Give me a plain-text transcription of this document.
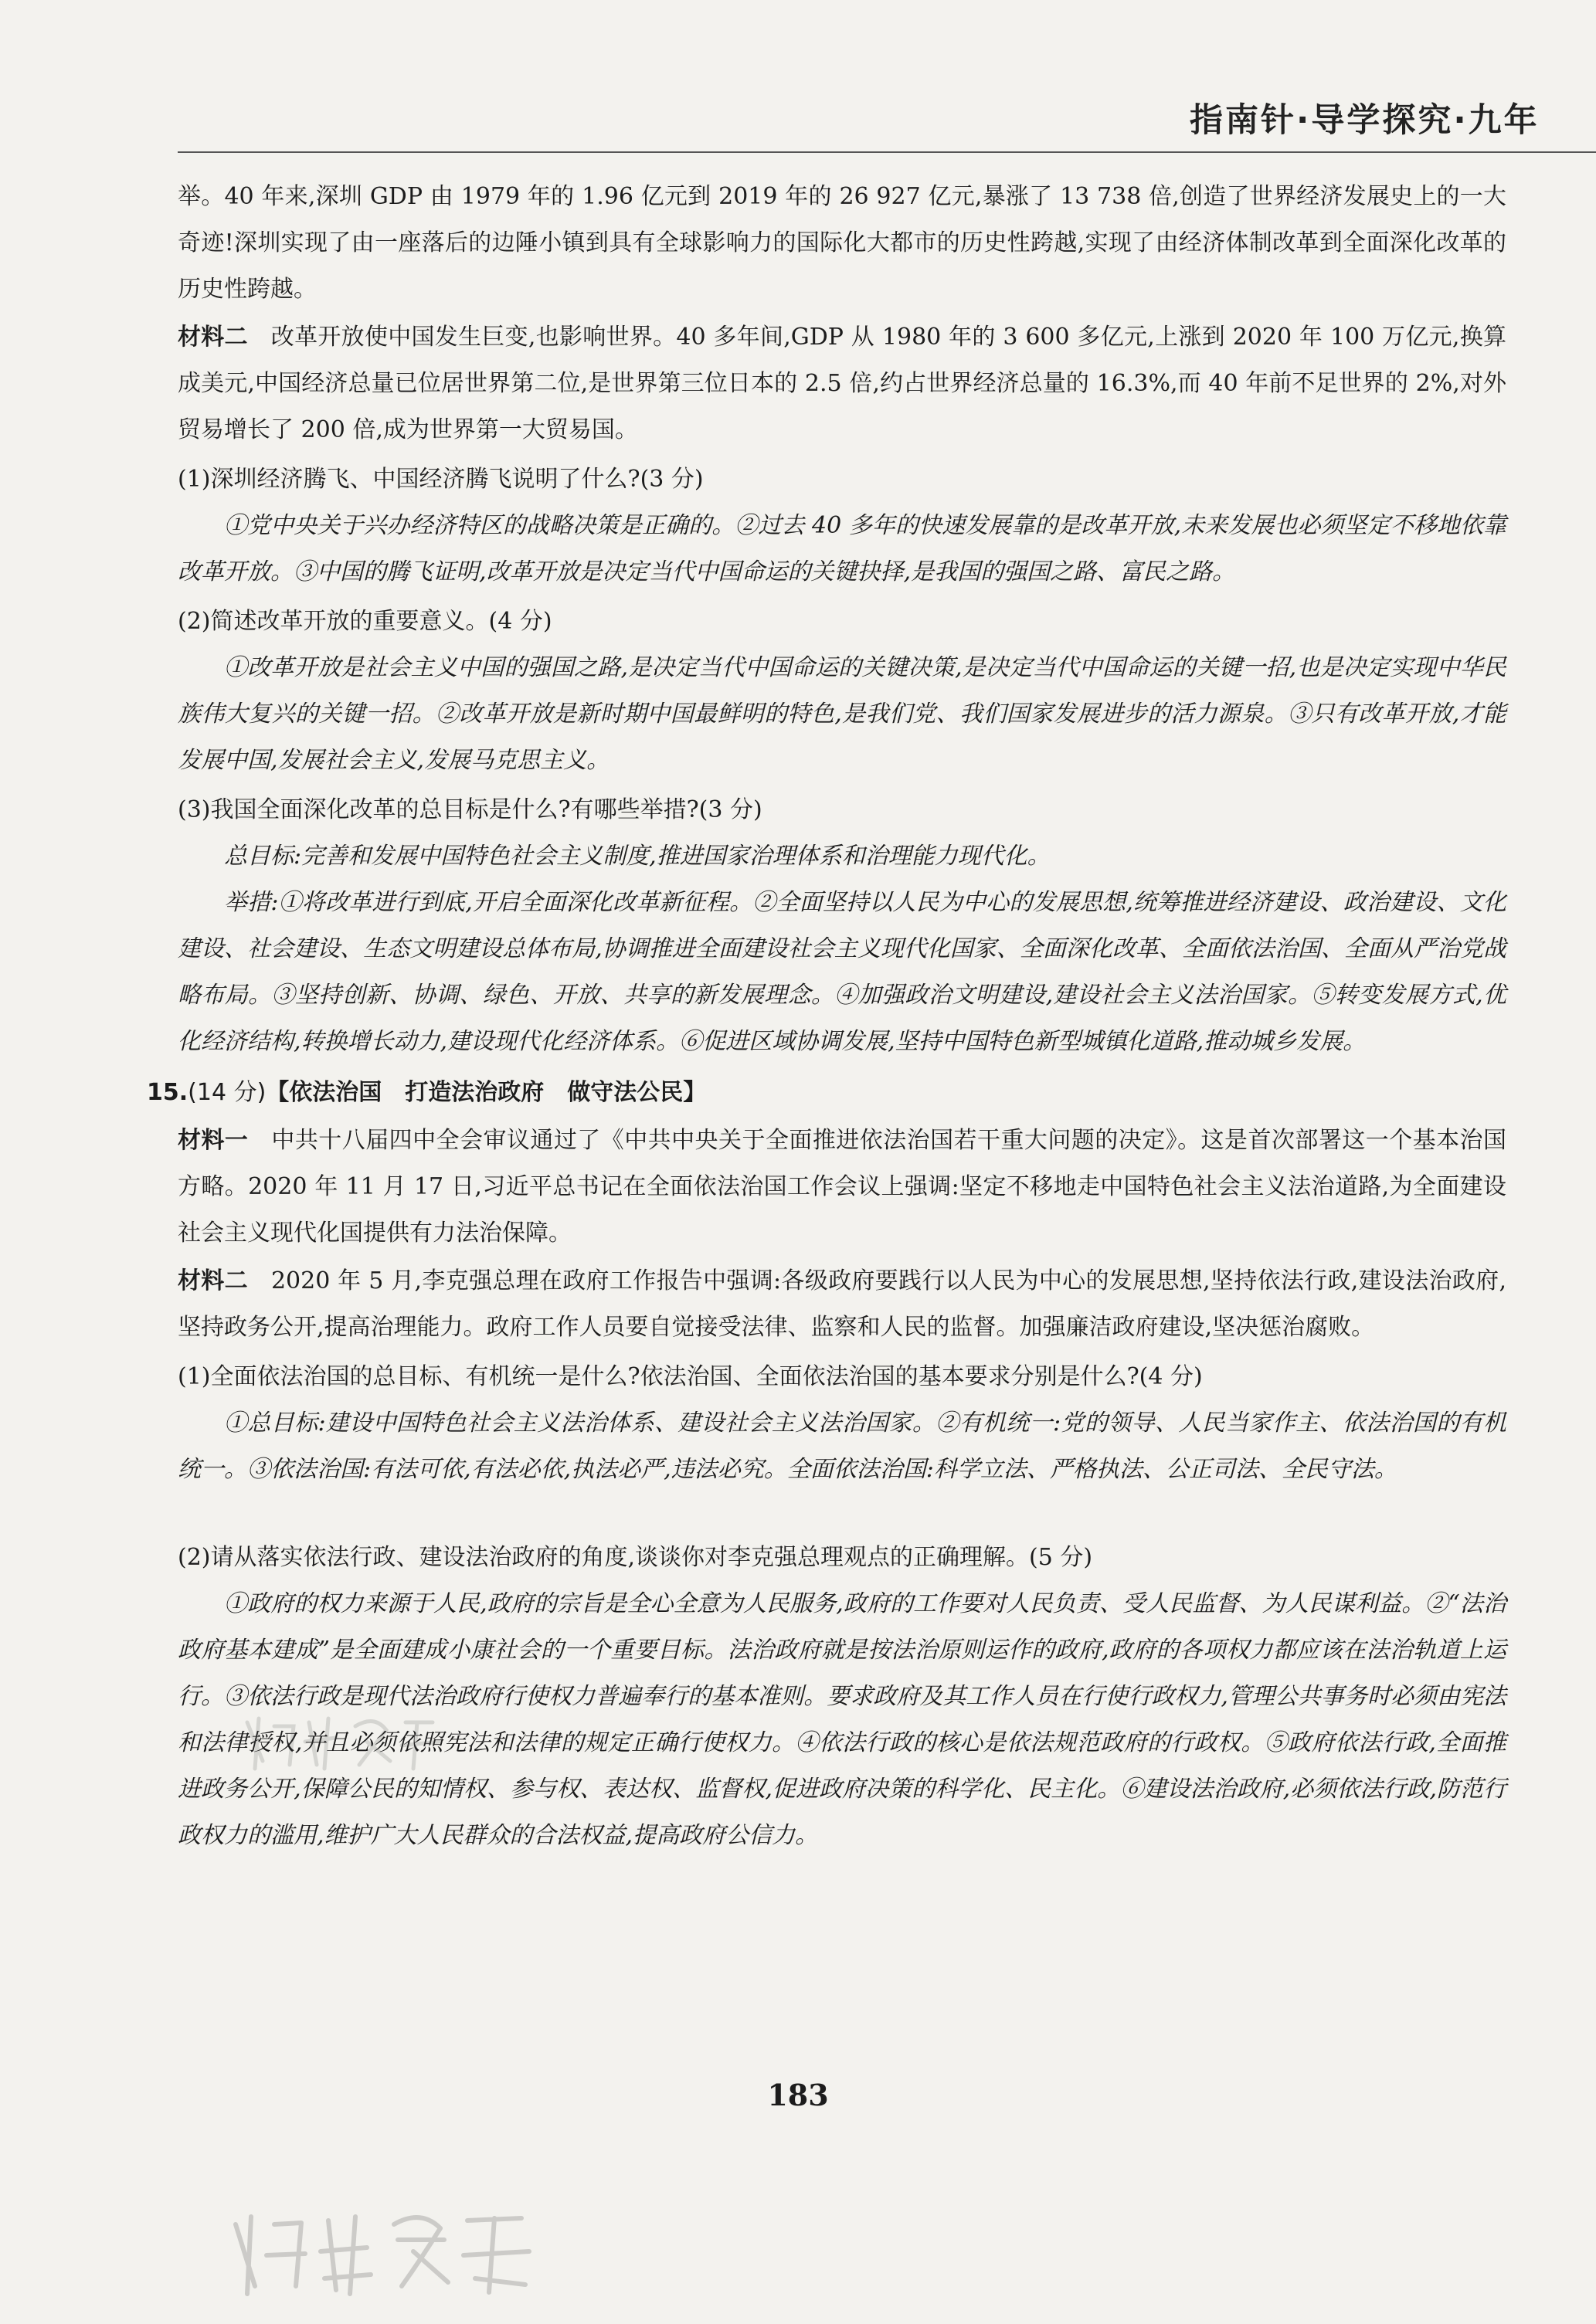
指南针·导学探究·九年

举。40 年来,深圳 GDP 由 1979 年的 1.96 亿元到 2019 年的 26 927 亿元,暴涨了 13 738 倍,创造了世界经济发展史上的一大奇迹!深圳实现了由一座落后的边陲小镇到具有全球影响力的国际化大都市的历史性跨越,实现了由经济体制改革到全面深化改革的历史性跨越。

材料二 改革开放使中国发生巨变,也影响世界。40 多年间,GDP 从 1980 年的 3 600 多亿元,上涨到 2020 年 100 万亿元,换算成美元,中国经济总量已位居世界第二位,是世界第三位日本的 2.5 倍,约占世界经济总量的 16.3%,而 40 年前不足世界的 2%,对外贸易增长了 200 倍,成为世界第一大贸易国。

(1)深圳经济腾飞、中国经济腾飞说明了什么?(3 分)

①党中央关于兴办经济特区的战略决策是正确的。②过去 40 多年的快速发展靠的是改革开放,未来发展也必须坚定不移地依靠改革开放。③中国的腾飞证明,改革开放是决定当代中国命运的关键抉择,是我国的强国之路、富民之路。

(2)简述改革开放的重要意义。(4 分)

①改革开放是社会主义中国的强国之路,是决定当代中国命运的关键决策,是决定当代中国命运的关键一招,也是决定实现中华民族伟大复兴的关键一招。②改革开放是新时期中国最鲜明的特色,是我们党、我们国家发展进步的活力源泉。③只有改革开放,才能发展中国,发展社会主义,发展马克思主义。

(3)我国全面深化改革的总目标是什么?有哪些举措?(3 分)

总目标:完善和发展中国特色社会主义制度,推进国家治理体系和治理能力现代化。

举措:①将改革进行到底,开启全面深化改革新征程。②全面坚持以人民为中心的发展思想,统筹推进经济建设、政治建设、文化建设、社会建设、生态文明建设总体布局,协调推进全面建设社会主义现代化国家、全面深化改革、全面依法治国、全面从严治党战略布局。③坚持创新、协调、绿色、开放、共享的新发展理念。④加强政治文明建设,建设社会主义法治国家。⑤转变发展方式,优化经济结构,转换增长动力,建设现代化经济体系。⑥促进区域协调发展,坚持中国特色新型城镇化道路,推动城乡发展。

15.(14 分)【依法治国　打造法治政府　做守法公民】

材料一 中共十八届四中全会审议通过了《中共中央关于全面推进依法治国若干重大问题的决定》。这是首次部署这一个基本治国方略。2020 年 11 月 17 日,习近平总书记在全面依法治国工作会议上强调:坚定不移地走中国特色社会主义法治道路,为全面建设社会主义现代化国提供有力法治保障。

材料二 2020 年 5 月,李克强总理在政府工作报告中强调:各级政府要践行以人民为中心的发展思想,坚持依法行政,建设法治政府,坚持政务公开,提高治理能力。政府工作人员要自觉接受法律、监察和人民的监督。加强廉洁政府建设,坚决惩治腐败。

(1)全面依法治国的总目标、有机统一是什么?依法治国、全面依法治国的基本要求分别是什么?(4 分)

①总目标:建设中国特色社会主义法治体系、建设社会主义法治国家。②有机统一:党的领导、人民当家作主、依法治国的有机统一。③依法治国:有法可依,有法必依,执法必严,违法必究。全面依法治国:科学立法、严格执法、公正司法、全民守法。

(2)请从落实依法行政、建设法治政府的角度,谈谈你对李克强总理观点的正确理解。(5 分)

①政府的权力来源于人民,政府的宗旨是全心全意为人民服务,政府的工作要对人民负责、受人民监督、为人民谋利益。②“法治政府基本建成”是全面建成小康社会的一个重要目标。法治政府就是按法治原则运作的政府,政府的各项权力都应该在法治轨道上运行。③依法行政是现代法治政府行使权力普遍奉行的基本准则。要求政府及其工作人员在行使行政权力,管理公共事务时必须由宪法和法律授权,并且必须依照宪法和法律的规定正确行使权力。④依法行政的核心是依法规范政府的行政权。⑤政府依法行政,全面推进政务公开,保障公民的知情权、参与权、表达权、监督权,促进政府决策的科学化、民主化。⑥建设法治政府,必须依法行政,防范行政权力的滥用,维护广大人民群众的合法权益,提高政府公信力。

183
